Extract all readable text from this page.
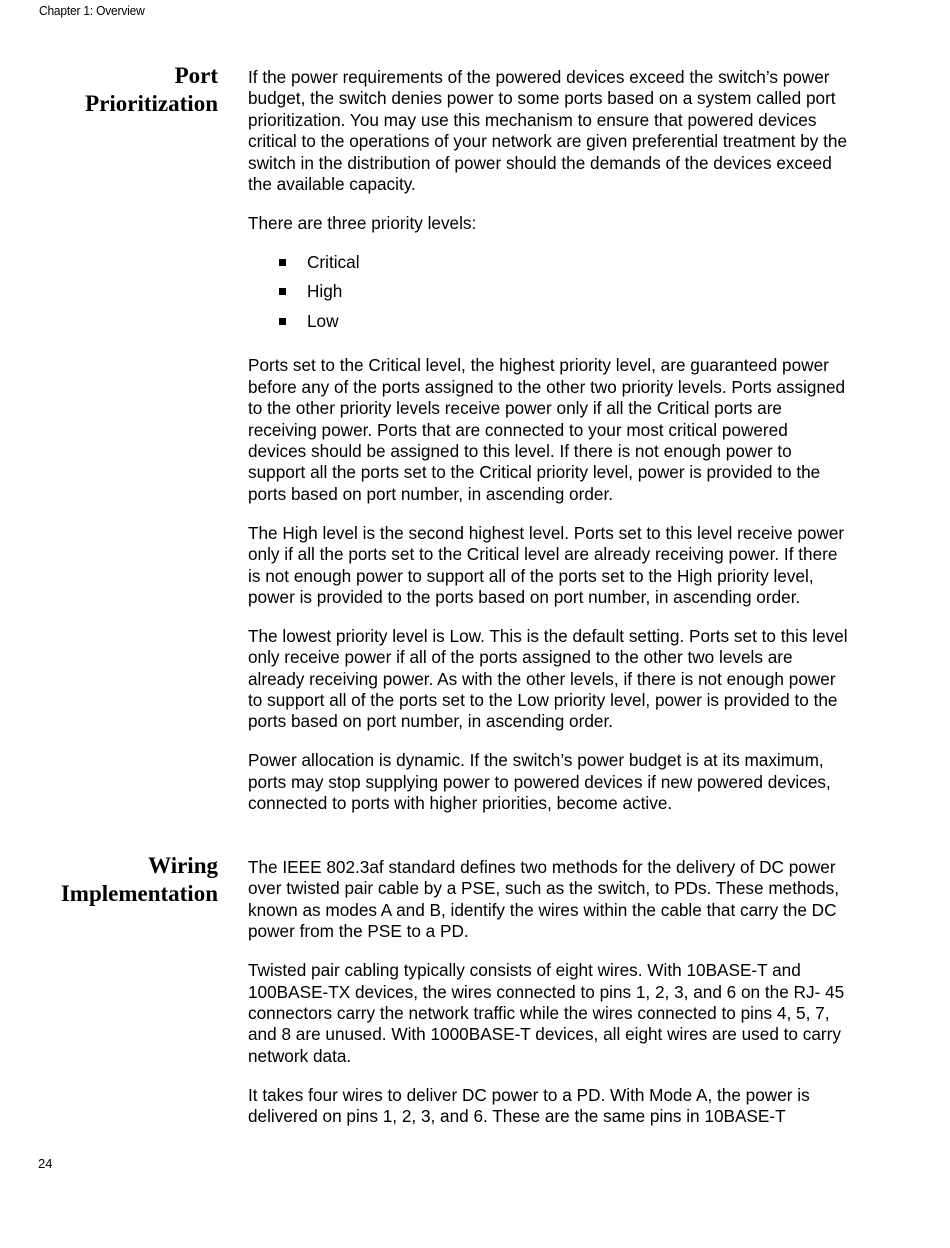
Chapter 1: Overview
Port
Prioritization

If the power requirements of the powered devices exceed the switch’s power budget, the switch denies power to some ports based on a system called port prioritization. You may use this mechanism to ensure that powered devices critical to the operations of your network are given preferential treatment by the switch in the distribution of power should the demands of the devices exceed the available capacity.

There are three priority levels:

Critical
High
Low

Ports set to the Critical level, the highest priority level, are guaranteed power before any of the ports assigned to the other two priority levels. Ports assigned to the other priority levels receive power only if all the Critical ports are receiving power. Ports that are connected to your most critical powered devices should be assigned to this level. If there is not enough power to support all the ports set to the Critical priority level, power is provided to the ports based on port number, in ascending order.

The High level is the second highest level. Ports set to this level receive power only if all the ports set to the Critical level are already receiving power. If there is not enough power to support all of the ports set to the High priority level, power is provided to the ports based on port number, in ascending order.

The lowest priority level is Low. This is the default setting. Ports set to this level only receive power if all of the ports assigned to the other two levels are already receiving power. As with the other levels, if there is not enough power to support all of the ports set to the Low priority level, power is provided to the ports based on port number, in ascending order.

Power allocation is dynamic. If the switch’s power budget is at its maximum, ports may stop supplying power to powered devices if new powered devices, connected to ports with higher priorities, become active.

Wiring
Implementation

The IEEE 802.3af standard defines two methods for the delivery of DC power over twisted pair cable by a PSE, such as the switch, to PDs. These methods, known as modes A and B, identify the wires within the cable that carry the DC power from the PSE to a PD.

Twisted pair cabling typically consists of eight wires. With 10BASE-T and 100BASE-TX devices, the wires connected to pins 1, 2, 3, and 6 on the RJ- 45 connectors carry the network traffic while the wires connected to pins 4, 5, 7, and 8 are unused. With 1000BASE-T devices, all eight wires are used to carry network data.

It takes four wires to deliver DC power to a PD. With Mode A, the power is delivered on pins 1, 2, 3, and 6. These are the same pins in 10BASE-T

24
